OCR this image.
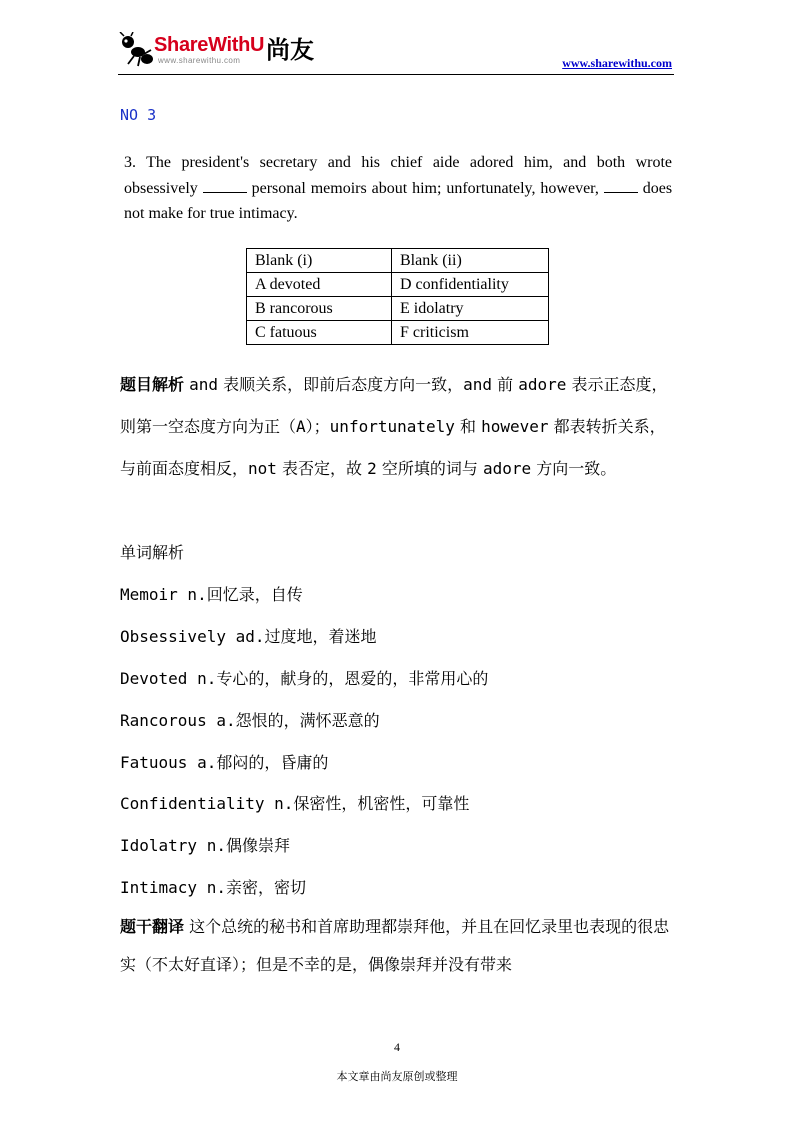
ShareWithU 尚友
www.sharewithu.com	www.sharewithu.com
NO 3
3. The president's secretary and his chief aide adored him, and both wrote obsessively	personal memoirs about him; unfortunately, however,	does not make for true intimacy.
Blank (i)	Blank (ii)
A devoted	D confidentiality
B rancorous	E idolatry
C fatuous	F criticism
题目解析 and 表顺关系，即前后态度方向一致，and 前 adore 表示正态度，则第一空态度方向为正（A）；unfortunately 和 however 都表转折关系，与前面态度相反，not 表否定，故 2 空所填的词与 adore 方向一致。
单词解析
Memoir n.回忆录，自传
Obsessively ad.过度地，着迷地
Devoted n.专心的，献身的，恩爱的，非常用心的
Rancorous a.怨恨的，满怀恶意的
Fatuous a.郁闷的，昏庸的
Confidentiality n.保密性，机密性，可靠性
Idolatry n.偶像崇拜
Intimacy n.亲密，密切
题干翻译 这个总统的秘书和首席助理都崇拜他，并且在回忆录里也表现的很忠实（不太好直译）；但是不幸的是，偶像崇拜并没有带来
4
本文章由尚友原创或整理
